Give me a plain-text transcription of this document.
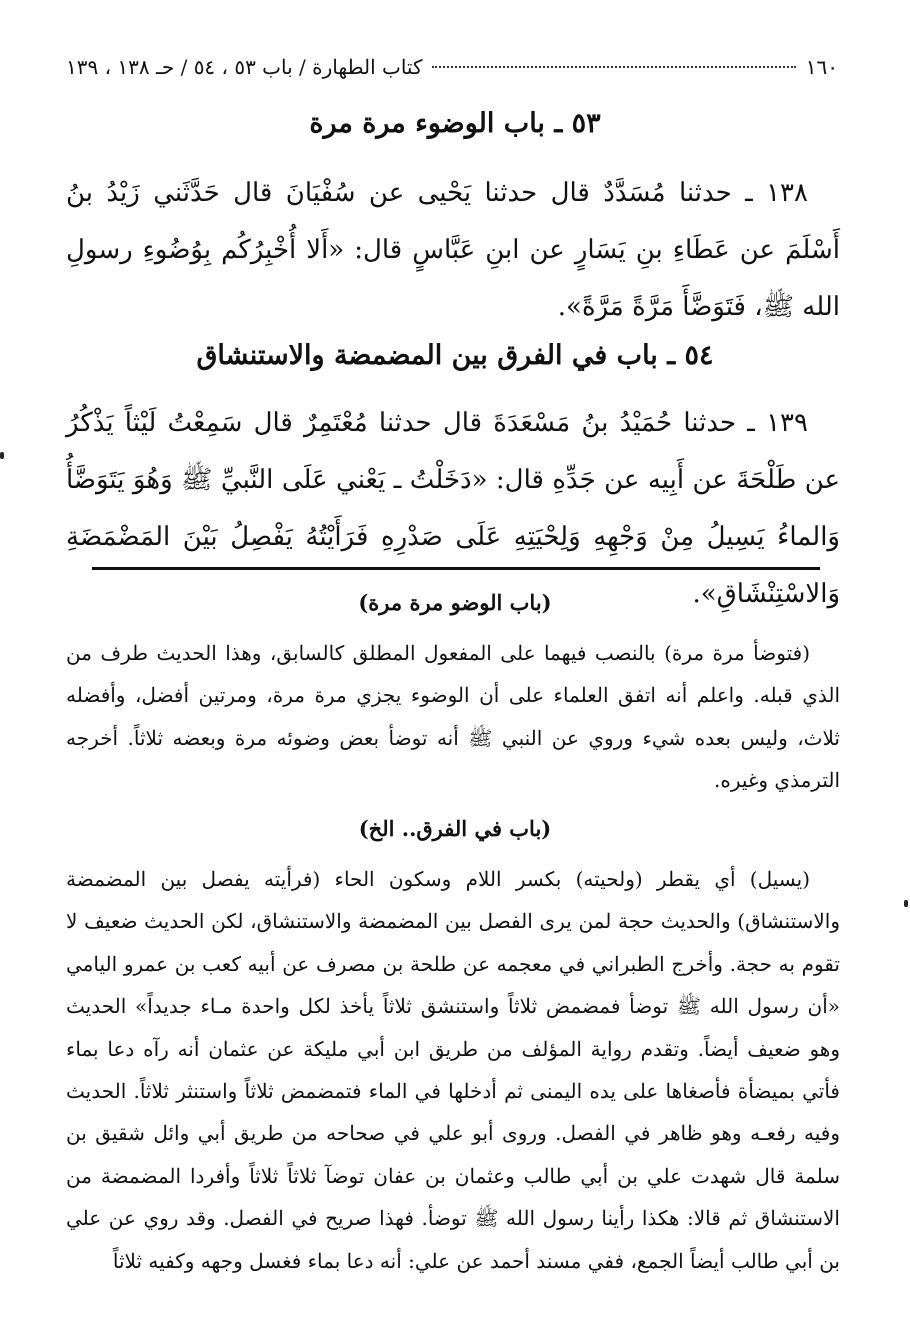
١٦٠
كتاب الطهارة / باب ٥٣ ، ٥٤ / حـ ١٣٨ ، ١٣٩
٥٣ ـ باب الوضوء مرة مرة

١٣٨ ـ حدثنا مُسَدَّدٌ قال حدثنا يَحْيى عن سُفْيَانَ قال حَدَّثَني زَيْدُ بنُ أَسْلَمَ عن عَطَاءِ بنِ يَسَارٍ عن ابنِ عَبَّاسٍ قال: «أَلا أُخْبِرُكُم بِوُضُوءِ رسولِ الله ﷺ، فَتَوَضَّأَ مَرَّةً مَرَّةً».

٥٤ ـ باب في الفرق بين المضمضة والاستنشاق

١٣٩ ـ حدثنا حُمَيْدُ بنُ مَسْعَدَةَ قال حدثنا مُعْتَمِرٌ قال سَمِعْتُ لَيْثاً يَذْكُرُ عن طَلْحَةَ عن أَبِيه عن جَدِّهِ قال: «دَخَلْتُ ـ يَعْني عَلَى النَّبيِّ ﷺ وَهُوَ يَتَوَضَّأُ وَالماءُ يَسِيلُ مِنْ وَجْهِهِ وَلِحْيَتِهِ عَلَى صَدْرِهِ فَرَأَيْتُهُ يَفْصِلُ بَيْنَ المَضْمَضَةِ وَالاسْتِنْشَاقِ».

(باب الوضو مرة مرة)

(فتوضأ مرة مرة) بالنصب فيهما على المفعول المطلق كالسابق، وهذا الحديث طرف من الذي قبله. واعلم أنه اتفق العلماء على أن الوضوء يجزي مرة مرة، ومرتين أفضل، وأفضله ثلاث، وليس بعده شيء وروي عن النبي ﷺ أنه توضأ بعض وضوئه مرة وبعضه ثلاثاً. أخرجه الترمذي وغيره.

(باب في الفرق.. الخ)

(يسيل) أي يقطر (ولحيته) بكسر اللام وسكون الحاء (فرأيته يفصل بين المضمضة والاستنشاق) والحديث حجة لمن يرى الفصل بين المضمضة والاستنشاق، لكن الحديث ضعيف لا تقوم به حجة. وأخرج الطبراني في معجمه عن طلحة بن مصرف عن أبيه كعب بن عمرو اليامي «أن رسول الله ﷺ توضأ فمضمض ثلاثاً واستنشق ثلاثاً يأخذ لكل واحدة مـاء جديداً» الحديث وهو ضعيف أيضاً. وتقدم رواية المؤلف من طريق ابن أبي مليكة عن عثمان أنه رآه دعا بماء فأتي بميضأة فأصغاها على يده اليمنى ثم أدخلها في الماء فتمضمض ثلاثاً واستنثر ثلاثاً. الحديث وفيه رفعـه وهو ظاهر في الفصل. وروى أبو علي في صحاحه من طريق أبي وائل شقيق بن سلمة قال شهدت علي بن أبي طالب وعثمان بن عفان توضآ ثلاثاً ثلاثاً وأفردا المضمضة من الاستنشاق ثم قالا: هكذا رأينا رسول الله ﷺ توضأ. فهذا صريح في الفصل. وقد روي عن علي بن أبي طالب أيضاً الجمع، ففي مسند أحمد عن علي: أنه دعا بماء فغسل وجهه وكفيه ثلاثاً
